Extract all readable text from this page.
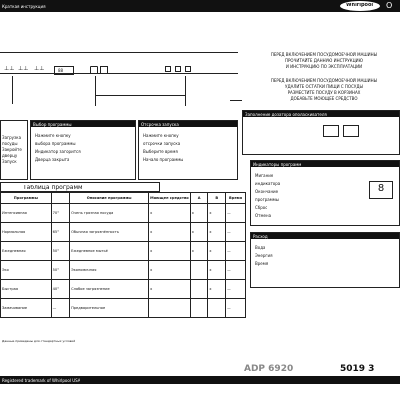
Краткая инструкция	Whirlpool O
⊥⊥ ⊥⊥ ⊥⊥	88
Загрузка
посуды
Закройте
дверцу
Запуск
Выбор программы
Нажмите кнопку
выбора программы
Индикатор загорится
Дверца закрыта
Отсрочка запуска
Нажмите кнопку
отсрочки запуска
Выберите время
Начало программы
ПЕРЕД ВКЛЮЧЕНИЕМ ПОСУДОМОЕЧНОЙ МАШИНЫ
ПРОЧИТАЙТЕ ДАННУЮ ИНСТРУКЦИЮ
И ИНСТРУКЦИЮ ПО ЭКСПЛУАТАЦИИ
ПЕРЕД ВКЛЮЧЕНИЕМ ПОСУДОМОЕЧНОЙ МАШИНЫ
УДАЛИТЕ ОСТАТКИ ПИЩИ С ПОСУДЫ
РАЗМЕСТИТЕ ПОСУДУ В КОРЗИНАХ
ДОБАВЬТЕ МОЮЩЕЕ СРЕДСТВО
Заполнение дозатора ополаскивателя
Индикаторы программ
Мигание
индикатора
Окончание
программы
Сброс
Отмена
8
Расход
Вода
Энергия
Время
Таблица программ
Программы		Описание программы	Моющее средство	A	B	Время
Интенсивная	70°	Очень грязная посуда	x	x	x	—
Нормальная	65°	Обычная загрязнённость	x	x	x	—
Ежедневная	50°	Ежедневное мытьё	x	x	x	—
Эко	50°	Экономичная	x		x	—
Быстрая	40°	Слабое загрязнение	x		x	—
Замачивание	—	Предварительное				—
Данные приведены для стандартных условий
ADP 6920	5019 3
Registered trademark of Whirlpool USA
